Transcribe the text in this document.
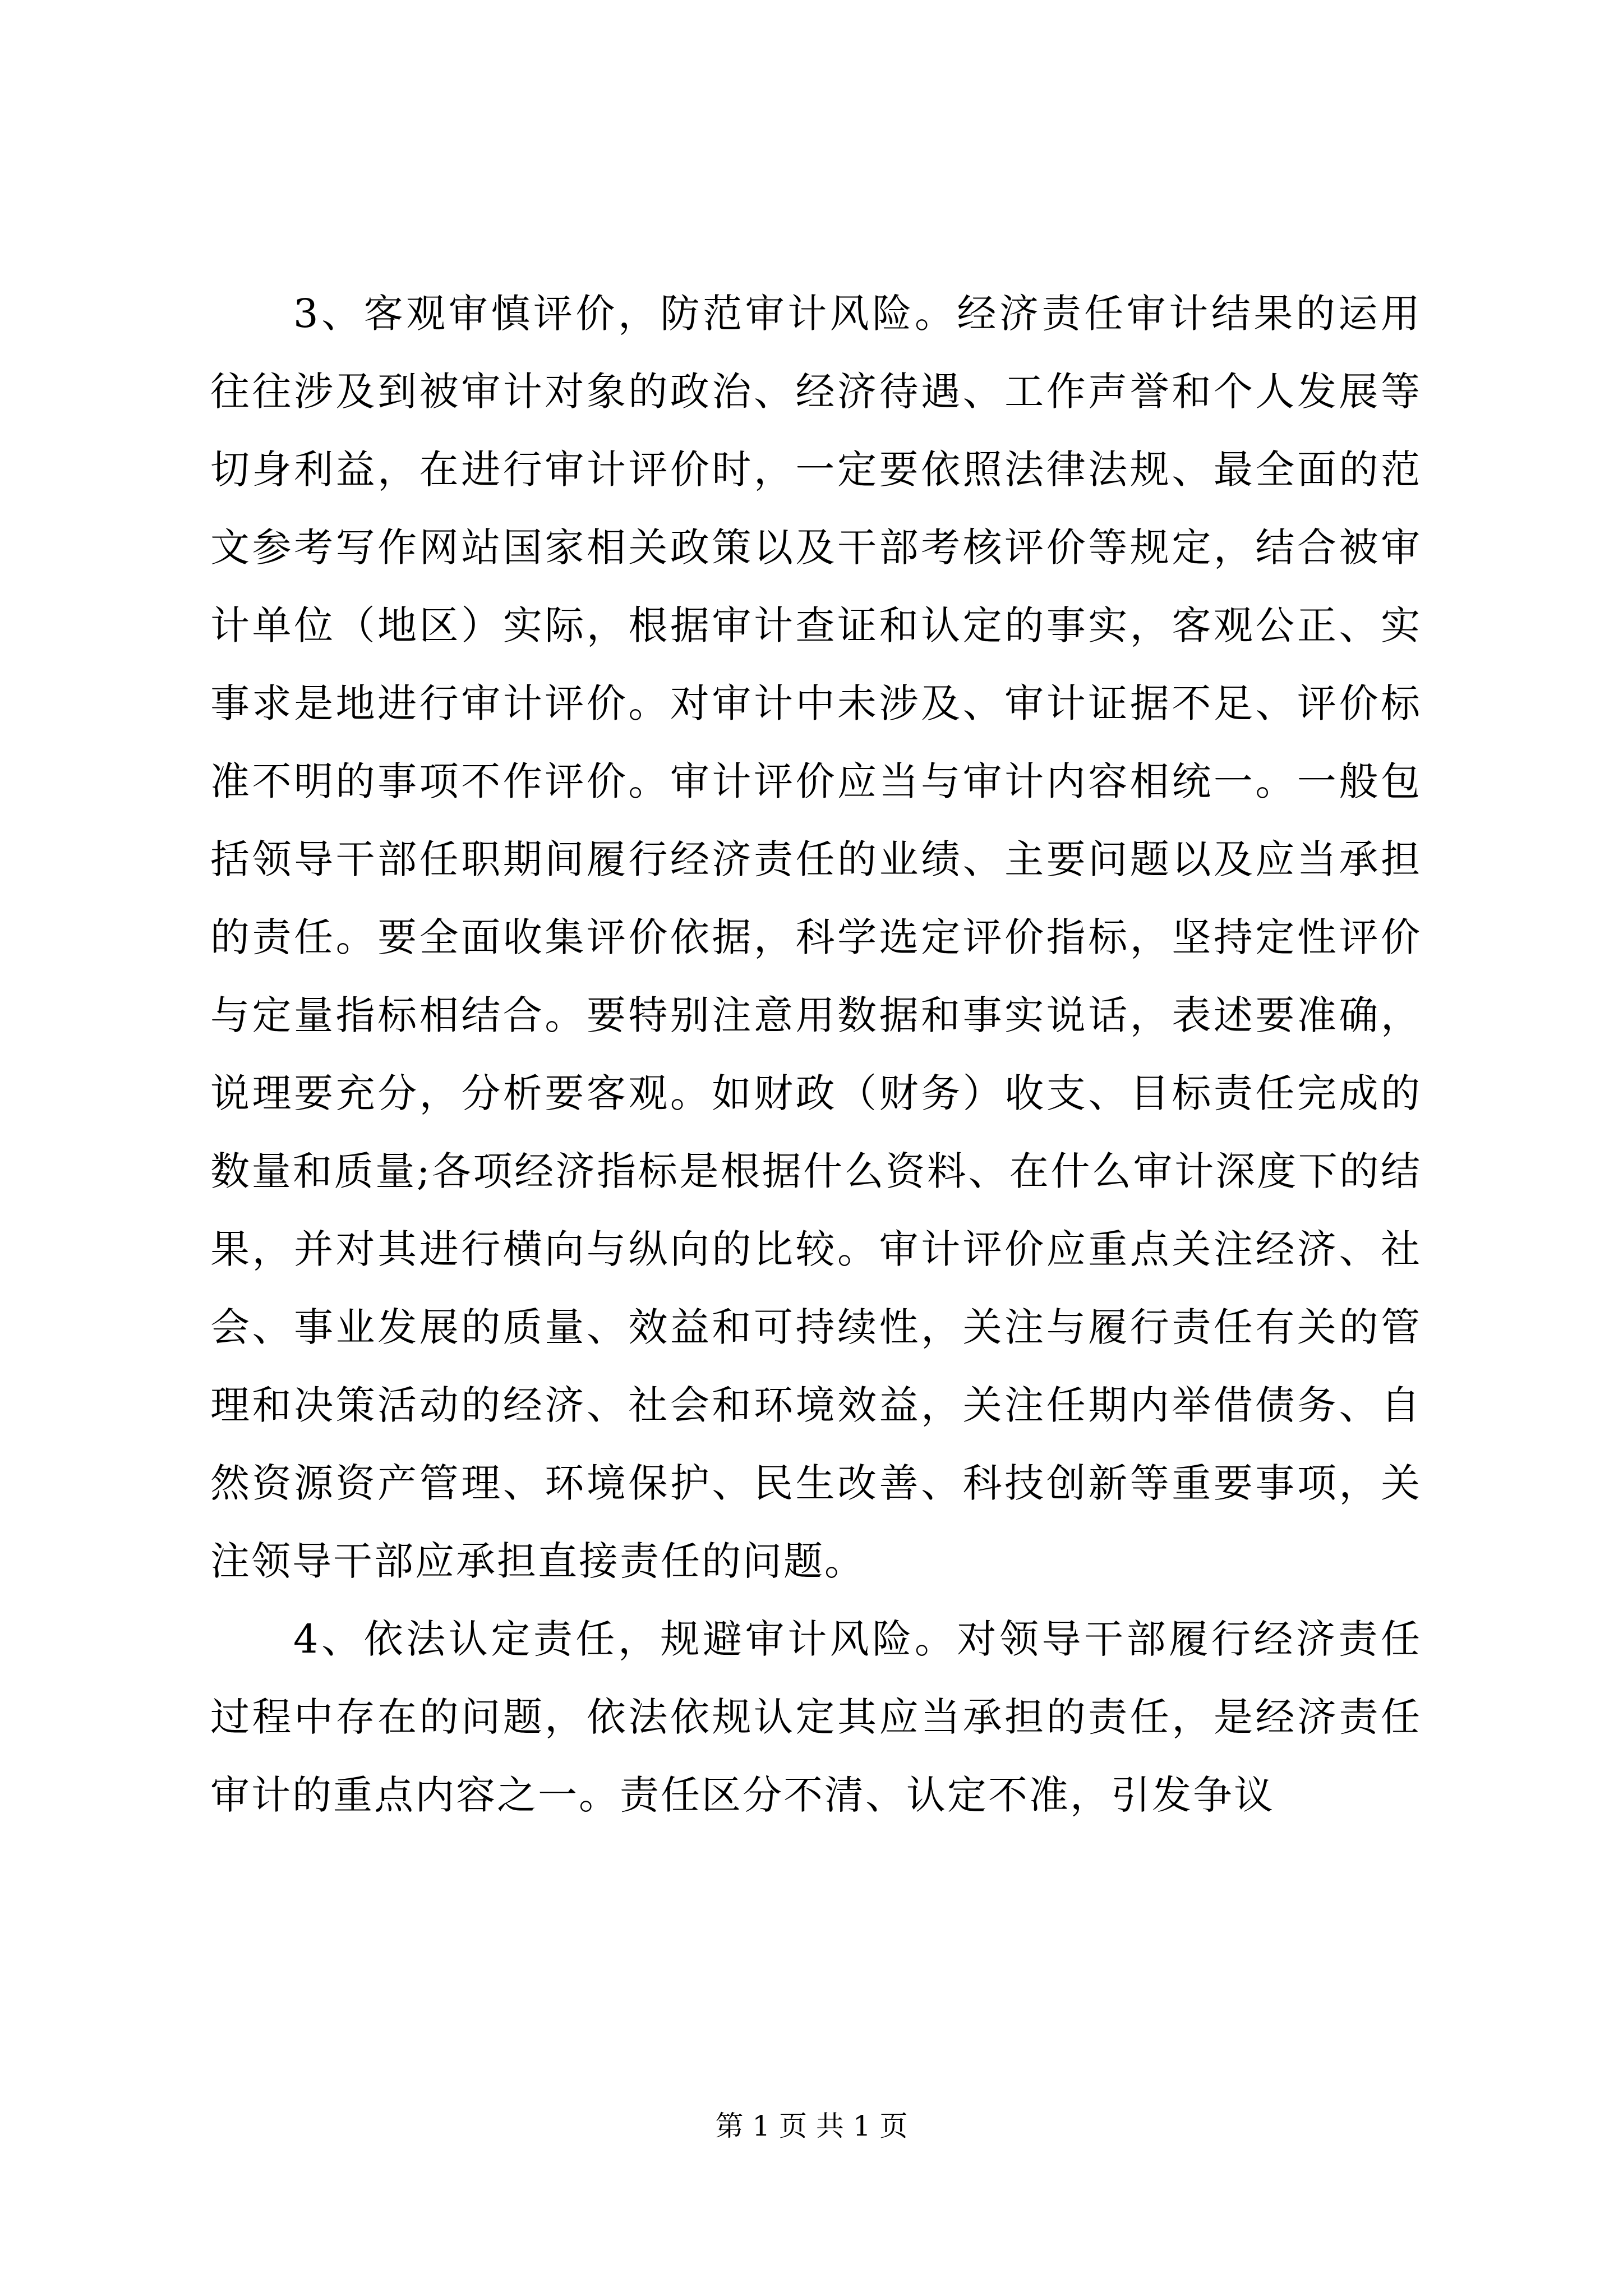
3、客观审慎评价，防范审计风险。经济责任审计结果的运用往往涉及到被审计对象的政治、经济待遇、工作声誉和个人发展等切身利益，在进行审计评价时，一定要依照法律法规、最全面的范文参考写作网站国家相关政策以及干部考核评价等规定，结合被审计单位（地区）实际，根据审计查证和认定的事实，客观公正、实事求是地进行审计评价。对审计中未涉及、审计证据不足、评价标准不明的事项不作评价。审计评价应当与审计内容相统一。一般包括领导干部任职期间履行经济责任的业绩、主要问题以及应当承担的责任。要全面收集评价依据，科学选定评价指标，坚持定性评价与定量指标相结合。要特别注意用数据和事实说话，表述要准确，说理要充分，分析要客观。如财政（财务）收支、目标责任完成的数量和质量;各项经济指标是根据什么资料、在什么审计深度下的结果，并对其进行横向与纵向的比较。审计评价应重点关注经济、社会、事业发展的质量、效益和可持续性，关注与履行责任有关的管理和决策活动的经济、社会和环境效益，关注任期内举借债务、自然资源资产管理、环境保护、民生改善、科技创新等重要事项，关注领导干部应承担直接责任的问题。

4、依法认定责任，规避审计风险。对领导干部履行经济责任过程中存在的问题，依法依规认定其应当承担的责任，是经济责任审计的重点内容之一。责任区分不清、认定不准，引发争议

第 1 页 共 1 页
